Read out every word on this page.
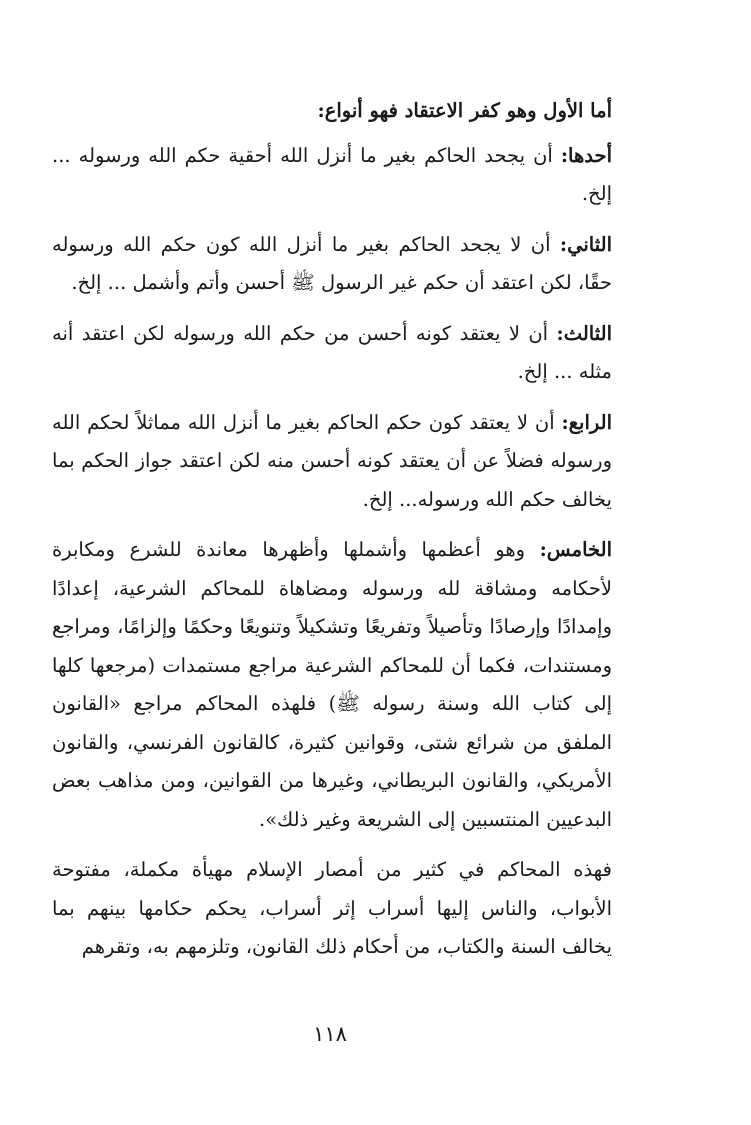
أما الأول وهو كفر الاعتقاد فهو أنواع:

أحدها: أن يجحد الحاكم بغير ما أنزل الله أحقية حكم الله ورسوله ... إلخ.

الثاني: أن لا يجحد الحاكم بغير ما أنزل الله كون حكم الله ورسوله حقًا، لكن اعتقد أن حكم غير الرسول ﷺ أحسن وأتم وأشمل ... إلخ.

الثالث: أن لا يعتقد كونه أحسن من حكم الله ورسوله لكن اعتقد أنه مثله ... إلخ.

الرابع: أن لا يعتقد كون حكم الحاكم بغير ما أنزل الله مماثلاً لحكم الله ورسوله فضلاً عن أن يعتقد كونه أحسن منه لكن اعتقد جواز الحكم بما يخالف حكم الله ورسوله... إلخ.

الخامس: وهو أعظمها وأشملها وأظهرها معاندة للشرع ومكابرة لأحكامه ومشاقة لله ورسوله ومضاهاة للمحاكم الشرعية، إعدادًا وإمدادًا وإرصادًا وتأصيلاً وتفريعًا وتشكيلاً وتنويعًا وحكمًا وإلزامًا، ومراجع ومستندات، فكما أن للمحاكم الشرعية مراجع مستمدات (مرجعها كلها إلى كتاب الله وسنة رسوله ﷺ) فلهذه المحاكم مراجع «القانون الملفق من شرائع شتى، وقوانين كثيرة، كالقانون الفرنسي، والقانون الأمريكي، والقانون البريطاني، وغيرها من القوانين، ومن مذاهب بعض البدعيين المنتسبين إلى الشريعة وغير ذلك».

فهذه المحاكم في كثير من أمصار الإسلام مهيأة مكملة، مفتوحة الأبواب، والناس إليها أسراب إثر أسراب، يحكم حكامها بينهم بما يخالف السنة والكتاب، من أحكام ذلك القانون، وتلزمهم به، وتقرهم

١١٨
